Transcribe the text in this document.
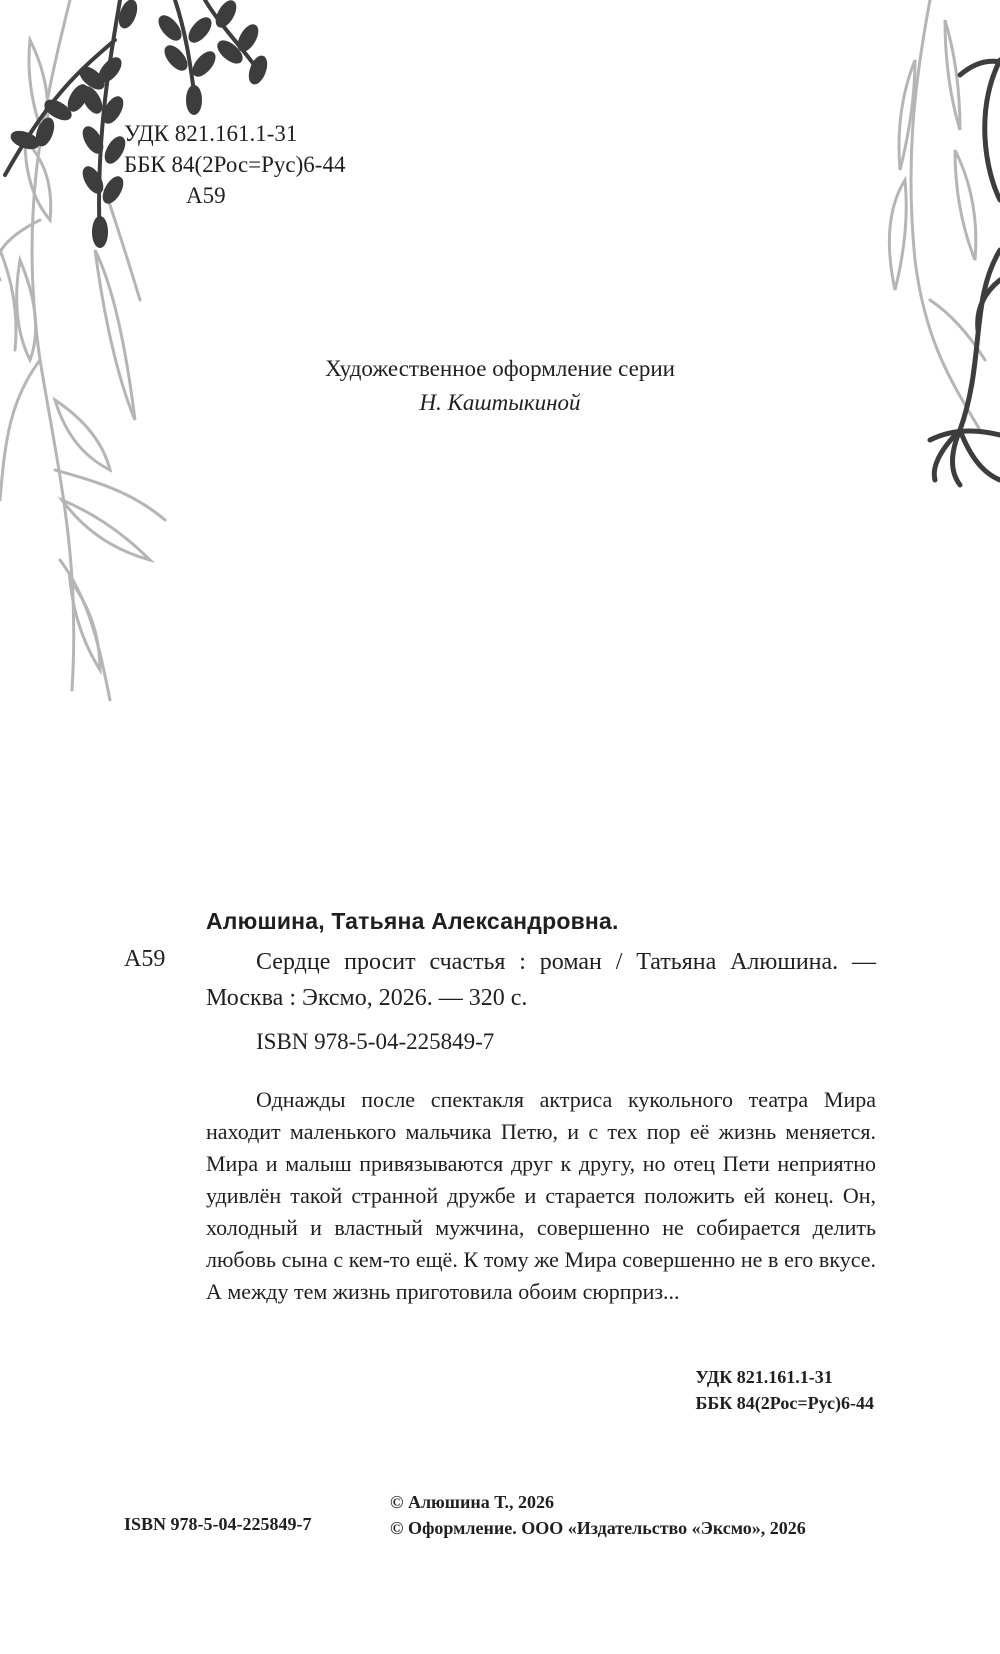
УДК 821.161.1-31
ББК 84(2Рос=Рус)6-44
А59
Художественное оформление серии
Н. Каштыкиной
Алюшина, Татьяна Александровна.
А59	Сердце просит счастья : роман / Татьяна Алюшина. — Москва : Эксмо, 2026. — 320 с.
ISBN 978-5-04-225849-7
Однажды после спектакля актриса кукольного театра Мира находит маленького мальчика Петю, и с тех пор её жизнь меняется. Мира и малыш привязываются друг к другу, но отец Пети неприятно удивлён такой странной дружбе и старается положить ей конец. Он, холодный и властный мужчина, совершенно не собирается делить любовь сына с кем-то ещё. К тому же Мира совершенно не в его вкусе. А между тем жизнь приготовила обоим сюрприз...
УДК 821.161.1-31
ББК 84(2Рос=Рус)6-44
ISBN 978-5-04-225849-7
© Алюшина Т., 2026
© Оформление. ООО «Издательство «Эксмо», 2026
